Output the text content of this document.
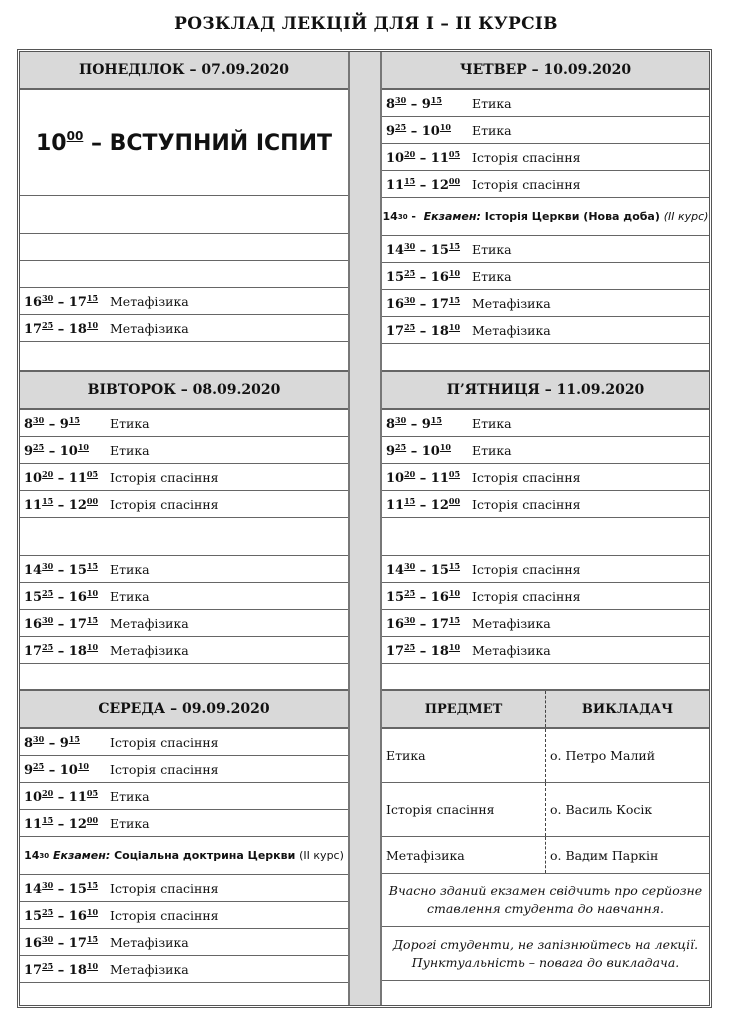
РОЗКЛАД ЛЕКЦІЙ ДЛЯ І – ІІ КУРСІВ
ПОНЕДІЛОК – 07.09.2020
$10^{00}$ – ВСТУПНИЙ ІСПИТ
$16^{30} - 17^{15}$ Метафізика
$17^{25} - 18^{10}$ Метафізика
ВІВТОРОК – 08.09.2020
$8^{30} - 9^{15}$	Етика
$9^{25} - 10^{10}$	Етика
$10^{20} - 11^{05}$ Історія спасіння
$11^{15} - 12^{00}$ Історія спасіння
$14^{30} - 15^{15}$ Етика
$15^{25} - 16^{10}$ Етика
$16^{30} - 17^{15}$ Метафізика
$17^{25} - 18^{10}$ Метафізика
СЕРЕДА – 09.09.2020
$8^{30} - 9^{15}$	Історія спасіння
$9^{25} - 10^{10}$	Історія спасіння
$10^{20} - 11^{05}$ Етика
$11^{15} - 12^{00}$ Етика
14 30
Екзамен: Соціальна доктрина Церкви (ІІ курс)
$14^{30} - 15^{15}$ Історія спасіння
$15^{25} - 16^{10}$ Історія спасіння
$16^{30} - 17^{15}$ Метафізика
$17^{25} - 18^{10}$ Метафізика
ЧЕТВЕР – 10.09.2020
$8^{30} - 9^{15}$	Етика
$9^{25} - 10^{10}$	Етика
$10^{20} - 11^{05}$ Історія спасіння
$11^{15} - 12^{00}$ Історія спасіння
14 30 - Екзамен: Історія Церкви (Нова доба) (ІІ курс)
$14^{30} - 15^{15}$ Етика
$15^{25} - 16^{10}$ Етика
$16^{30} - 17^{15}$ Метафізика
$17^{25} - 18^{10}$ Метафізика
П’ЯТНИЦЯ – 11.09.2020
$8^{30} - 9^{15}$	Етика
$9^{25} - 10^{10}$	Етика
$10^{20} - 11^{05}$ Історія спасіння
$11^{15} - 12^{00}$ Історія спасіння
$14^{30} - 15^{15}$ Історія спасіння
$15^{25} - 16^{10}$ Історія спасіння
$16^{30} - 17^{15}$ Метафізика
$17^{25} - 18^{10}$ Метафізика
ПРЕДМЕТ	ВИКЛАДАЧ
Етика	о. Петро Малий
Історія спасіння	о. Василь Косік
Метафізика	о. Вадим Паркін
Вчасно зданий екзамен свідчить про серйозне
ставлення студента до навчання.
Дорогі студенти, не запізнюйтесь на лекції.
Пунктуальність – повага до викладача.
